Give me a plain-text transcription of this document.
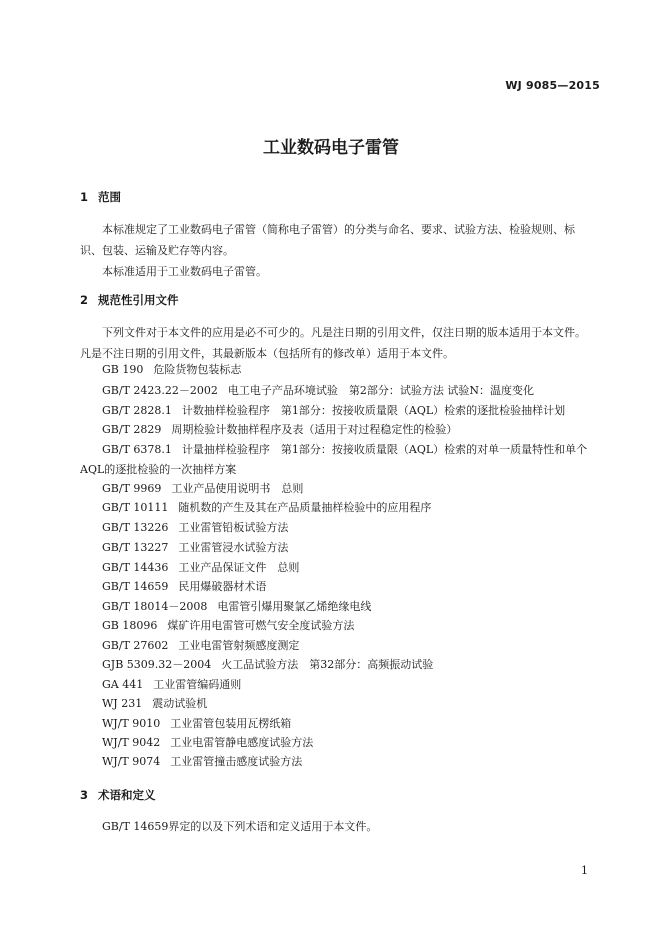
WJ 9085—2015
工业数码电子雷管
1 范围
本标准规定了工业数码电子雷管（简称电子雷管）的分类与命名、要求、试验方法、检验规则、标
识、包装、运输及贮存等内容。
本标准适用于工业数码电子雷管。
2 规范性引用文件
下列文件对于本文件的应用是必不可少的。凡是注日期的引用文件，仅注日期的版本适用于本文件。
凡是不注日期的引用文件，其最新版本（包括所有的修改单）适用于本文件。
GB 190 危险货物包装标志
GB/T 2423.22－2002 电工电子产品环境试验　第2部分：试验方法 试验N：温度变化
GB/T 2828.1 计数抽样检验程序　第1部分：按接收质量限（AQL）检索的逐批检验抽样计划
GB/T 2829 周期检验计数抽样程序及表（适用于对过程稳定性的检验）
GB/T 6378.1 计量抽样检验程序　第1部分：按接收质量限（AQL）检索的对单一质量特性和单个
AQL的逐批检验的一次抽样方案
GB/T 9969 工业产品使用说明书　总则
GB/T 10111 随机数的产生及其在产品质量抽样检验中的应用程序
GB/T 13226 工业雷管铅板试验方法
GB/T 13227 工业雷管浸水试验方法
GB/T 14436 工业产品保证文件　总则
GB/T 14659 民用爆破器材术语
GB/T 18014－2008 电雷管引爆用聚氯乙烯绝缘电线
GB 18096 煤矿许用电雷管可燃气安全度试验方法
GB/T 27602 工业电雷管射频感度测定
GJB 5309.32－2004 火工品试验方法　第32部分：高频振动试验
GA 441 工业雷管编码通则
WJ 231 震动试验机
WJ/T 9010 工业雷管包装用瓦楞纸箱
WJ/T 9042 工业电雷管静电感度试验方法
WJ/T 9074 工业雷管撞击感度试验方法
3 术语和定义
GB/T 14659界定的以及下列术语和定义适用于本文件。
1
